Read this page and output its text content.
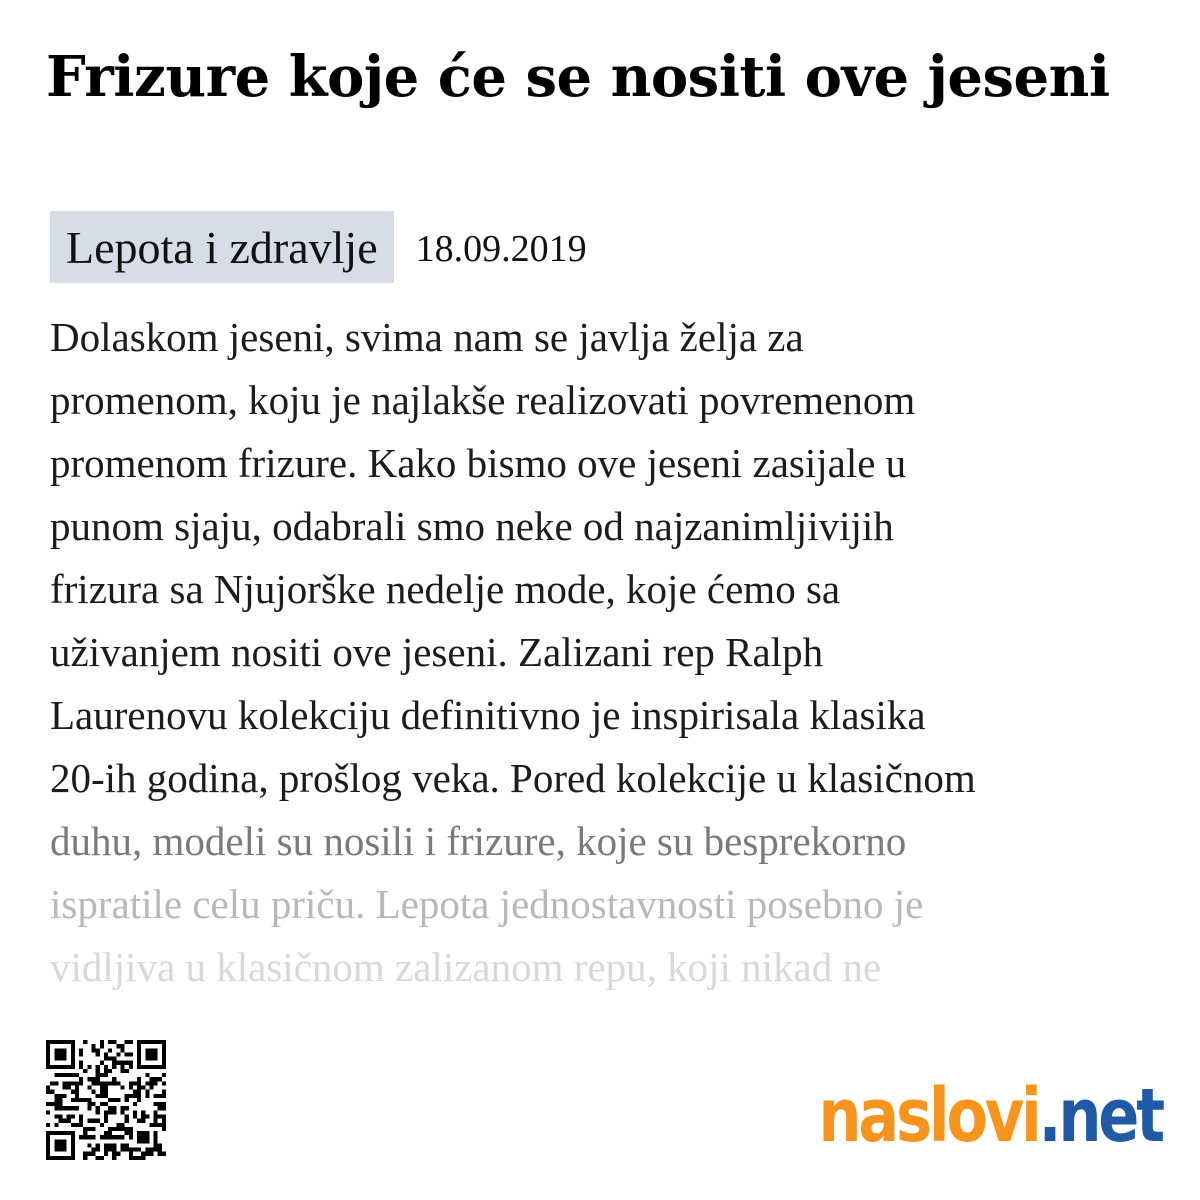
Frizure koje će se nositi ove jeseni
Lepota i zdravlje	18.09.2019
Dolaskom jeseni, svima nam se javlja želja za
promenom, koju je najlakše realizovati povremenom
promenom frizure. Kako bismo ove jeseni zasijale u
punom sjaju, odabrali smo neke od najzanimljivijih
frizura sa Njujorške nedelje mode, koje ćemo sa
uživanjem nositi ove jeseni. Zalizani rep Ralph
Laurenovu kolekciju definitivno je inspirisala klasika
20-ih godina, prošlog veka. Pored kolekcije u klasičnom
duhu, modeli su nosili i frizure, koje su besprekorno
ispratile celu priču. Lepota jednostavnosti posebno je
vidljiva u klasičnom zalizanom repu, koji nikad ne
naslovi.net
